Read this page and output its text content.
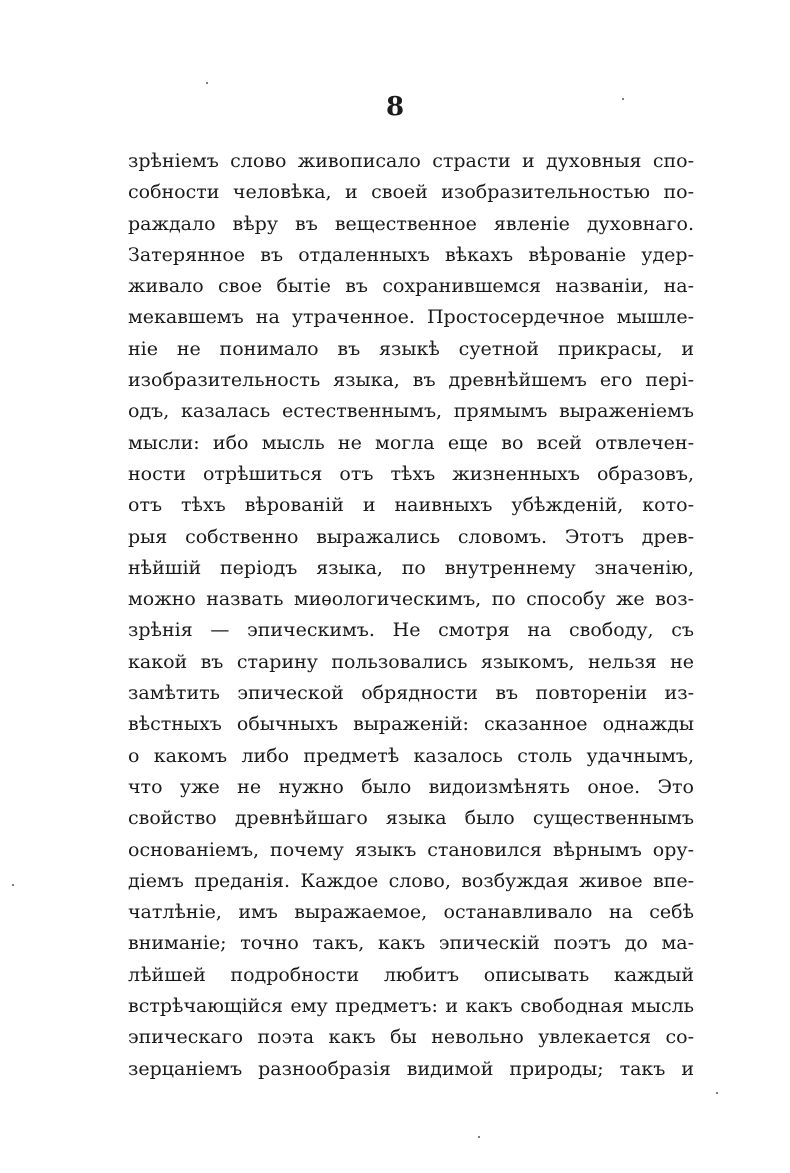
8
зрѣніемъ слово живописало страсти и духовныя спо-
собности человѣка, и своей изобразительностью по-
раждало вѣру въ вещественное явленіе духовнаго.
Затерянное въ отдаленныхъ вѣкахъ вѣрованіе удер-
живало свое бытіе въ сохранившемся названіи, на-
мекавшемъ на утраченное. Простосердечное мышле-
ніе не понимало въ языкѣ суетной прикрасы, и
изобразительность языка, въ древнѣйшемъ его пері-
одъ, казалась естественнымъ, прямымъ выраженіемъ
мысли: ибо мысль не могла еще во всей отвлечен-
ности отрѣшиться отъ тѣхъ жизненныхъ образовъ,
отъ тѣхъ вѣрованій и наивныхъ убѣжденій, кото-
рыя собственно выражались словомъ. Этотъ древ-
нѣйшій періодъ языка, по внутреннему значенію,
можно назвать миѳологическимъ, по способу же воз-
зрѣнія — эпическимъ. Не смотря на свободу, съ
какой въ старину пользовались языкомъ, нельзя не
замѣтить эпической обрядности въ повтореніи из-
вѣстныхъ обычныхъ выраженій: сказанное однажды
о какомъ либо предметѣ казалось столь удачнымъ,
что уже не нужно было видоизмѣнять оное. Это
свойство древнѣйшаго языка было существеннымъ
основаніемъ, почему языкъ становился вѣрнымъ ору-
діемъ преданія. Каждое слово, возбуждая живое впе-
чатлѣніе, имъ выражаемое, останавливало на себѣ
вниманіе; точно такъ, какъ эпическій поэтъ до ма-
лѣйшей подробности любитъ описывать каждый
встрѣчающійся ему предметъ: и какъ свободная мысль
эпическаго поэта какъ бы невольно увлекается со-
зерцаніемъ разнообразія видимой природы; такъ и
